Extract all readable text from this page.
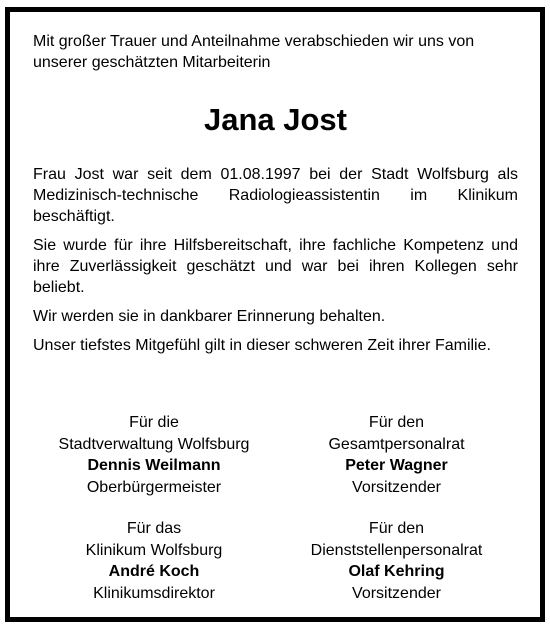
Mit großer Trauer und Anteilnahme verabschieden wir uns von unserer geschätzten Mitarbeiterin

Jana Jost

Frau Jost war seit dem 01.08.1997 bei der Stadt Wolfsburg als Medizinisch-technische Radiologieassistentin im Klinikum beschäftigt.

Sie wurde für ihre Hilfsbereitschaft, ihre fachliche Kompetenz und ihre Zuverlässigkeit geschätzt und war bei ihren Kollegen sehr beliebt.

Wir werden sie in dankbarer Erinnerung behalten.

Unser tiefstes Mitgefühl gilt in dieser schweren Zeit ihrer Familie.

Für die
Stadtverwaltung Wolfsburg
Dennis Weilmann
Oberbürgermeister
Für den
Gesamtpersonalrat
Peter Wagner
Vorsitzender
Für das
Klinikum Wolfsburg
André Koch
Klinikumsdirektor
Für den
Dienststellenpersonalrat
Olaf Kehring
Vorsitzender
